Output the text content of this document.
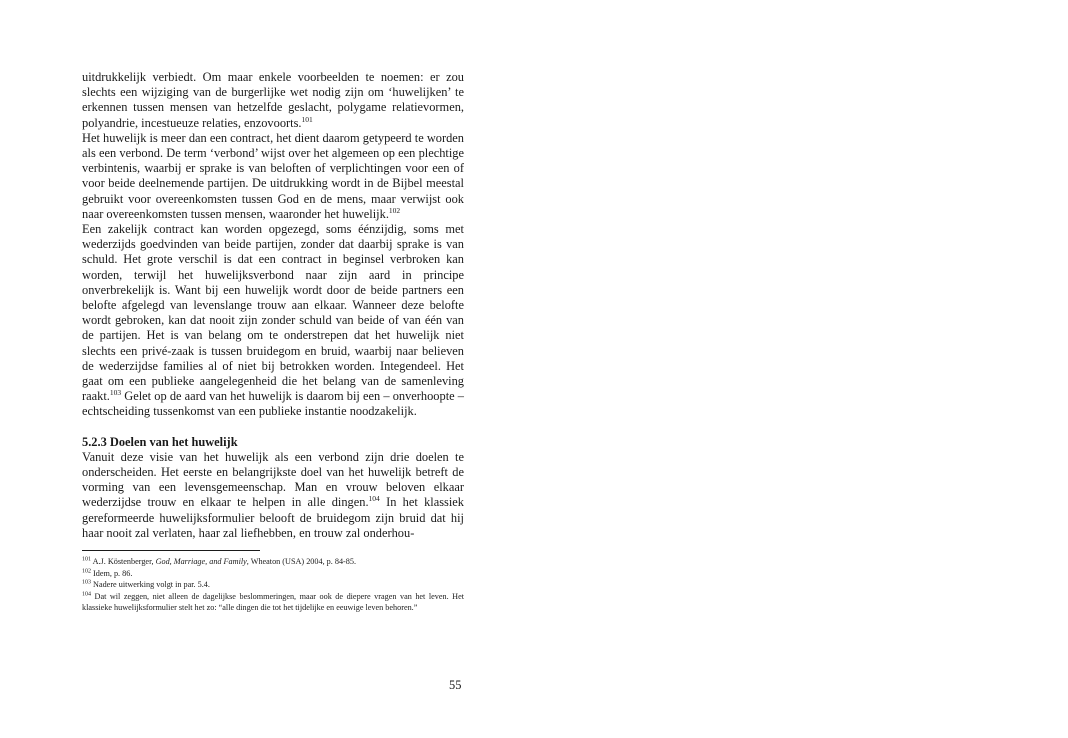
uitdrukkelijk verbiedt. Om maar enkele voorbeelden te noemen: er zou slechts een wijziging van de burgerlijke wet nodig zijn om ‘huwelijken’ te erkennen tussen mensen van hetzelfde geslacht, polygame relatievormen, polyandrie, incestueuze relaties, enzovoorts.$^{101}$

Het huwelijk is meer dan een contract, het dient daarom getypeerd te worden als een verbond. De term ‘verbond’ wijst over het algemeen op een plechtige verbintenis, waarbij er sprake is van beloften of verplichtingen voor een of voor beide deelnemende partijen. De uitdrukking wordt in de Bijbel meestal gebruikt voor overeenkomsten tussen God en de mens, maar verwijst ook naar overeenkomsten tussen mensen, waaronder het huwelijk.$^{102}$

Een zakelijk contract kan worden opgezegd, soms éénzijdig, soms met wederzijds goedvinden van beide partijen, zonder dat daarbij sprake is van schuld. Het grote verschil is dat een contract in beginsel verbroken kan worden, terwijl het huwelijksverbond naar zijn aard in principe onverbrekelijk is. Want bij een huwelijk wordt door de beide partners een belofte afgelegd van levenslange trouw aan elkaar. Wanneer deze belofte wordt gebroken, kan dat nooit zijn zonder schuld van beide of van één van de partijen. Het is van belang om te onderstrepen dat het huwelijk niet slechts een privé-zaak is tussen bruidegom en bruid, waarbij naar believen de wederzijdse families al of niet bij betrokken worden. Integendeel. Het gaat om een publieke aangelegenheid die het belang van de samenleving raakt.$^{103}$ Gelet op de aard van het huwelijk is daarom bij een – onverhoopte – echtscheiding tussenkomst van een publieke instantie noodzakelijk.

5.2.3 Doelen van het huwelijk

Vanuit deze visie van het huwelijk als een verbond zijn drie doelen te onderscheiden. Het eerste en belangrijkste doel van het huwelijk betreft de vorming van een levensgemeenschap. Man en vrouw beloven elkaar wederzijdse trouw en elkaar te helpen in alle dingen.$^{104}$ In het klassiek gereformeerde huwelijksformulier belooft de bruidegom zijn bruid dat hij haar nooit zal verlaten, haar zal liefhebben, en trouw zal onderhou-

$^{101}$ A.J. Köstenberger, God, Marriage, and Family, Wheaton (USA) 2004, p. 84-85.

$^{102}$ Idem, p. 86.

$^{103}$ Nadere uitwerking volgt in par. 5.4.

$^{104}$ Dat wil zeggen, niet alleen de dagelijkse beslommeringen, maar ook de diepere vragen van het leven. Het klassieke huwelijksformulier stelt het zo: “alle dingen die tot het tijdelijke en eeuwige leven behoren.”

55
